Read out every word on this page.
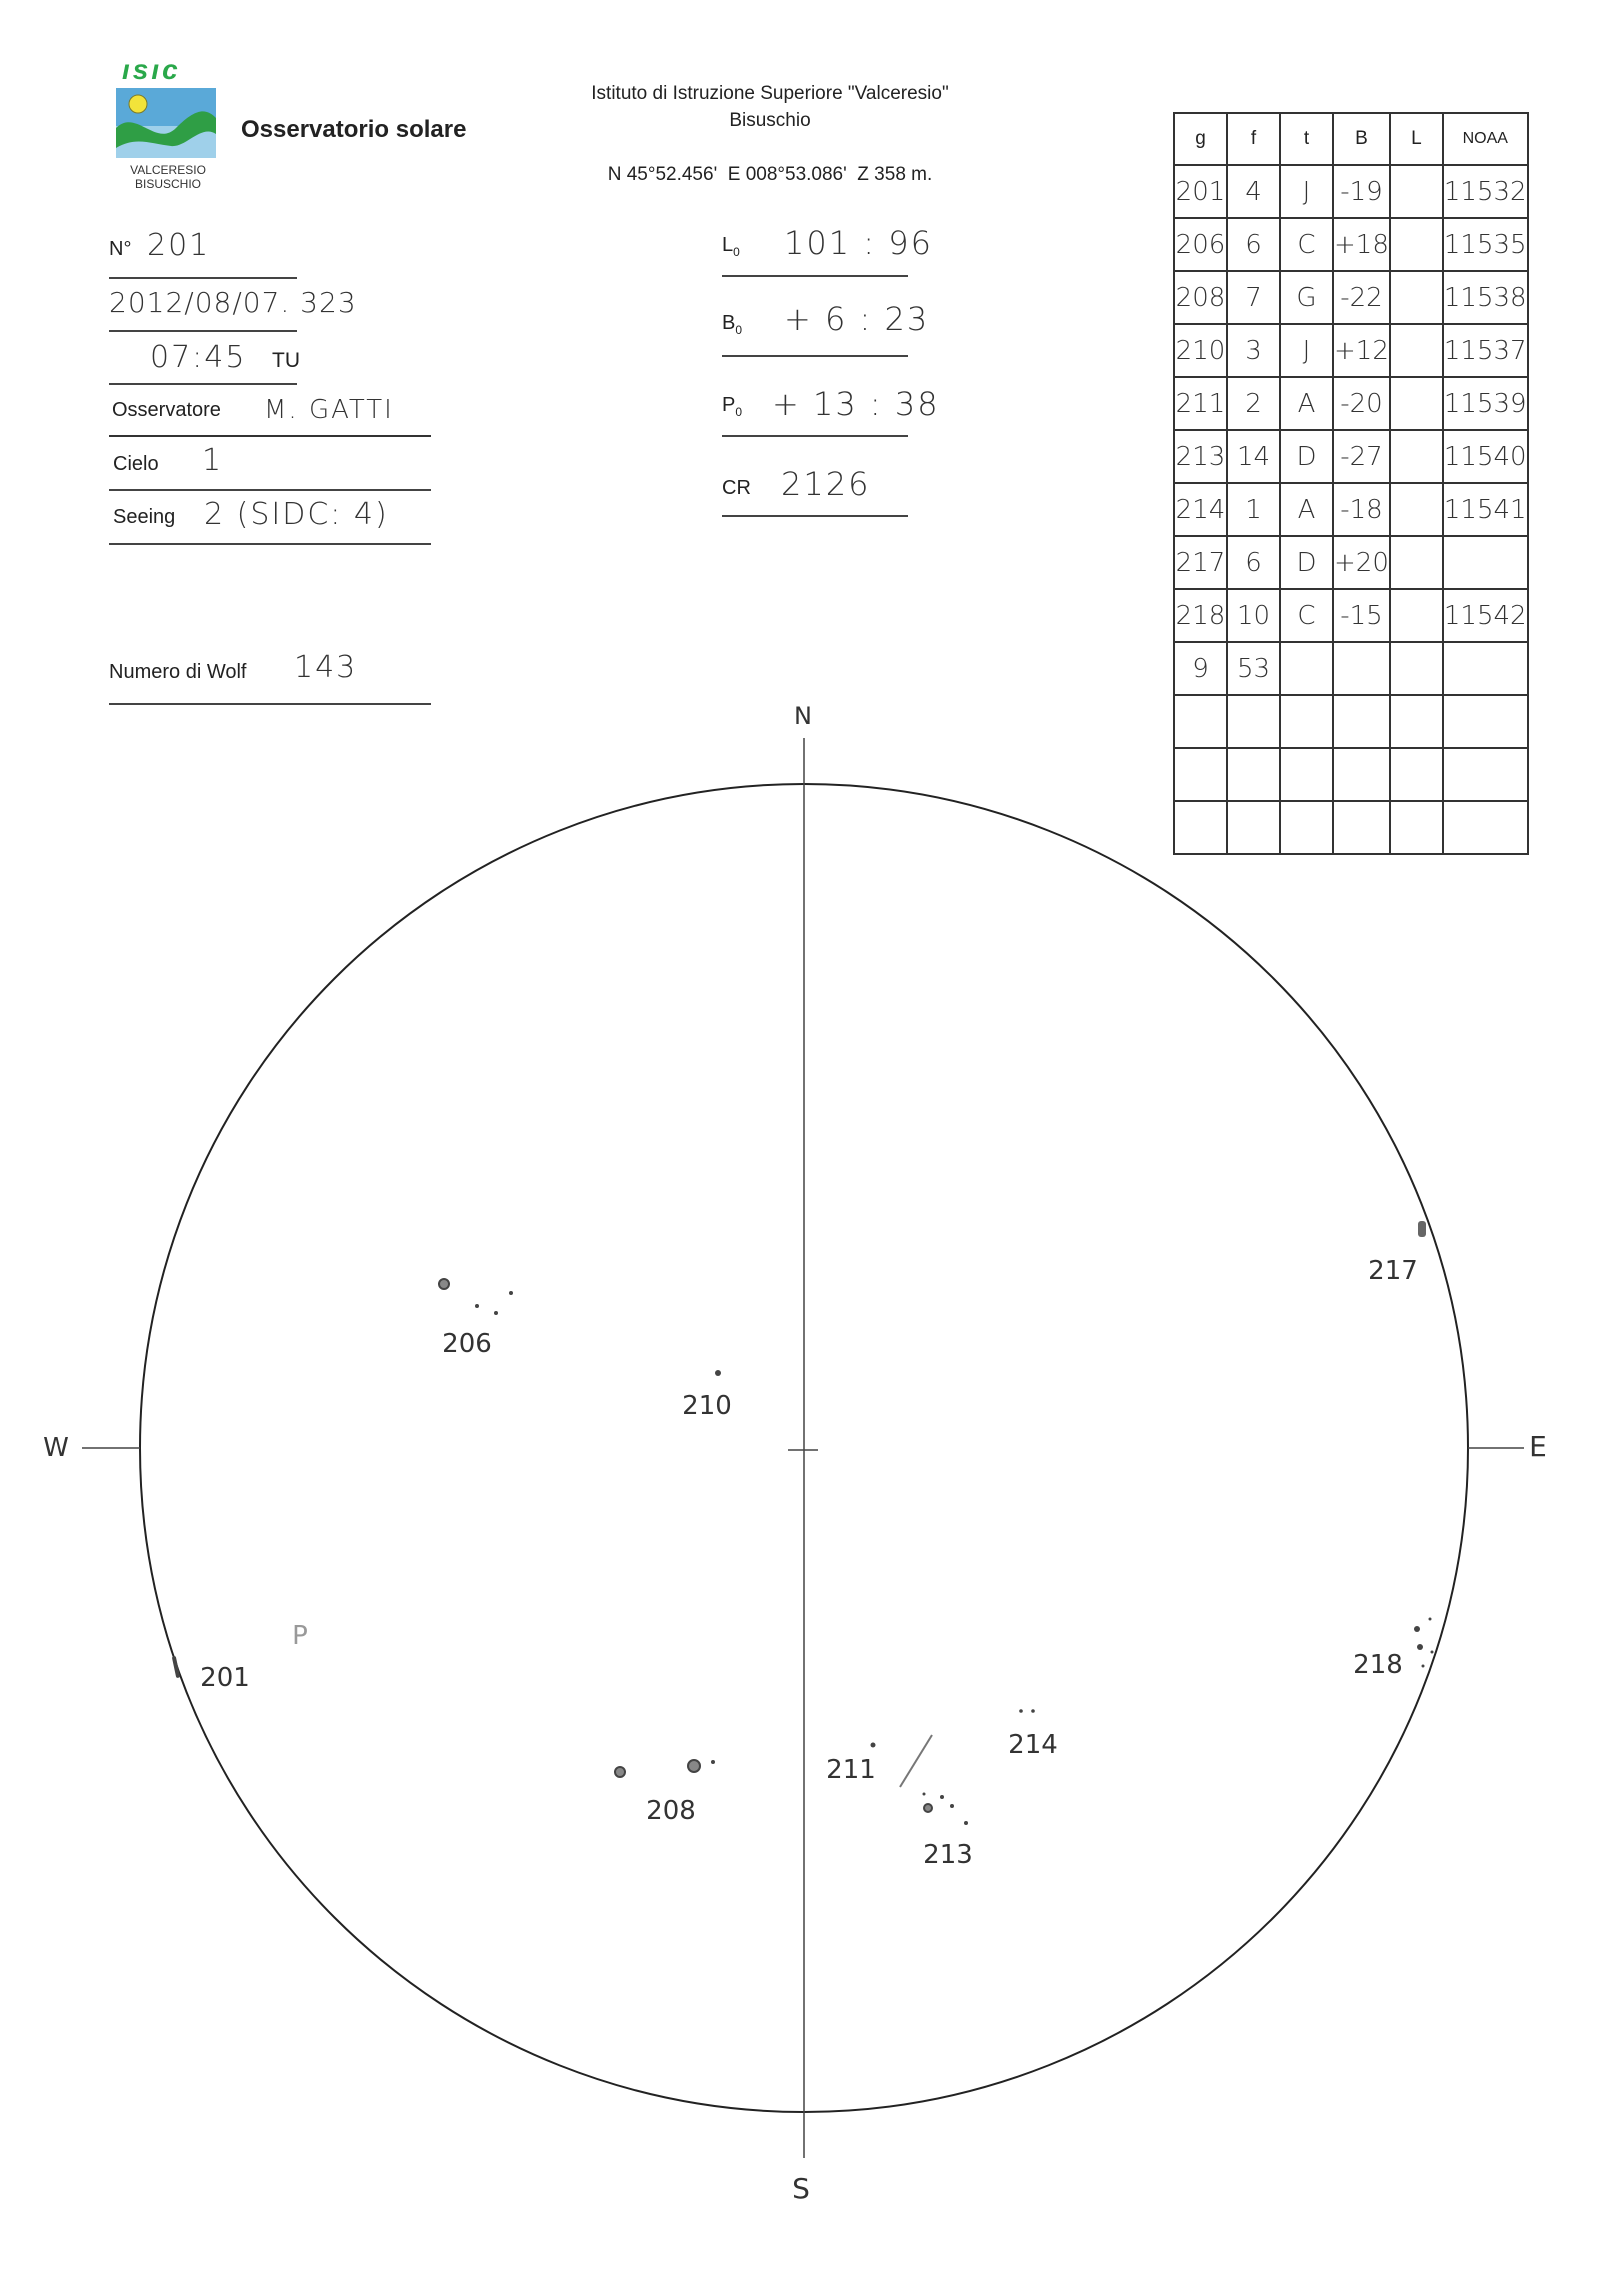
ısıc
VALCERESIO
BISUSCHIO
Osservatorio solare
Istituto di Istruzione Superiore "Valceresio"
Bisuschio
N 45°52.456'  E 008°53.086'  Z 358 m.
N° 201
2012/08/07. 323
07:45 TU
Osservatore M. GATTI
Cielo 1
Seeing 2 (SIDC: 4)
Numero di Wolf 143
$L_0$ 101 : 96
$B_0 + 6$ : 23
$P_0 + 13$ : 38
CR 2126
g	f	t	B	L	NOAA
201	4	J	-19		11532
206	6	C	+18		11535
208	7	G	-22		11538
210	3	J	+12		11537
211	2	A	-20		11539
213	14	D	-27		11540
214	1	A	-18		11541
217	6	D	+20		
218	10	C	-15		11542
9	53				

N
S
W	E
P
201
206
208
210
211
213
214
217
218
